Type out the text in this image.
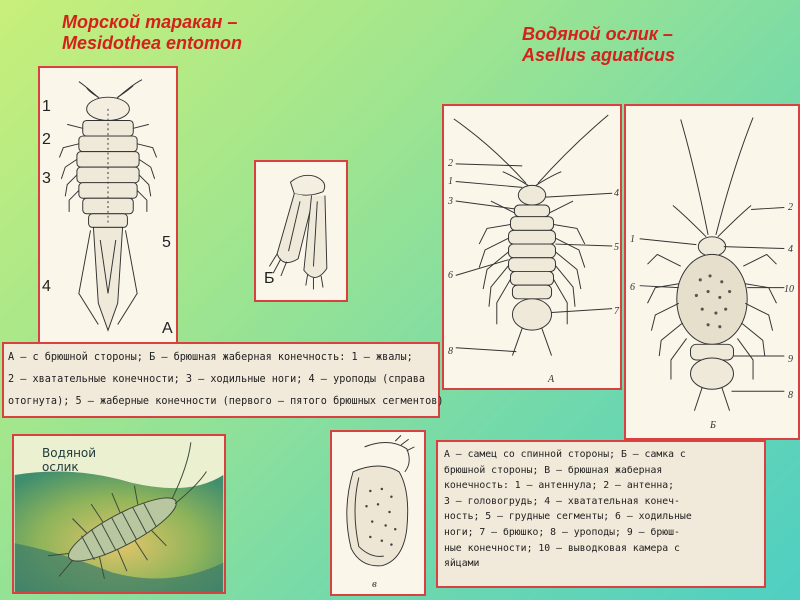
Морской таракан –
Mesidothea entomon	Водяной ослик –
Asellus aguaticus
1
2
3
5
4
А
Б

А — с брюшной стороны; Б — брюшная жаберная конечность: 1 — жвалы;

2 — хватательные конечности; 3 — ходильные ноги; 4 — уроподы (справа

отогнута); 5 — жаберные конечности (первого — пятого брюшных сегментов)

2
1
3
6
8
4
5
7
А
2
1
6
4
10
9
8
Б
Водяной
ослик
в

А — самец со спинной стороны; Б — самка с

брюшной стороны; В — брюшная жаберная

конечность: 1 — антеннула; 2 — антенна;

3 — головогрудь; 4 — хватательная конеч-

ность; 5 — грудные сегменты; 6 — ходильные

ноги; 7 — брюшко; 8 — уроподы; 9 — брюш-

ные конечности; 10 — выводковая камера с

яйцами
